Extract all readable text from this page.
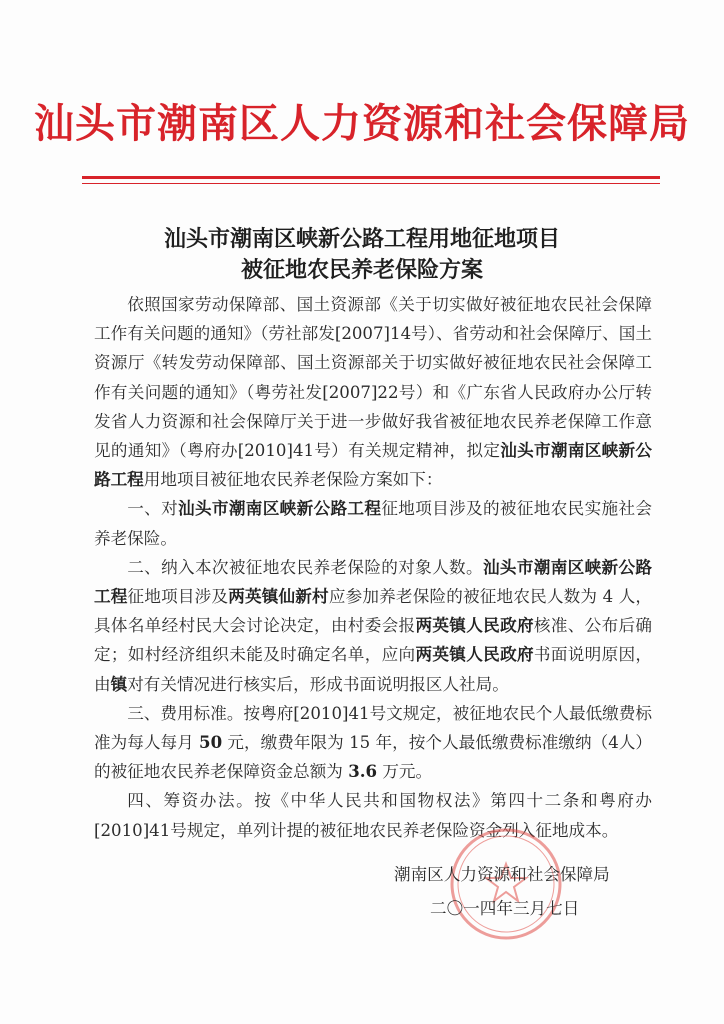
汕头市潮南区人力资源和社会保障局
汕头市潮南区峡新公路工程用地征地项目
被征地农民养老保险方案

依照国家劳动保障部、国土资源部《关于切实做好被征地农民社会保障工作有关问题的通知》（劳社部发[2007]14号）、省劳动和社会保障厅、国土资源厅《转发劳动保障部、国土资源部关于切实做好被征地农民社会保障工作有关问题的通知》（粤劳社发[2007]22号）和《广东省人民政府办公厅转发省人力资源和社会保障厅关于进一步做好我省被征地农民养老保障工作意见的通知》（粤府办[2010]41号）有关规定精神，拟定汕头市潮南区峡新公路工程用地项目被征地农民养老保险方案如下：

一、对汕头市潮南区峡新公路工程征地项目涉及的被征地农民实施社会养老保险。

二、纳入本次被征地农民养老保险的对象人数。汕头市潮南区峡新公路工程征地项目涉及两英镇仙新村应参加养老保险的被征地农民人数为 4 人，具体名单经村民大会讨论决定，由村委会报两英镇人民政府核准、公布后确定；如村经济组织未能及时确定名单，应向两英镇人民政府书面说明原因，由镇对有关情况进行核实后，形成书面说明报区人社局。

三、费用标准。按粤府[2010]41号文规定，被征地农民个人最低缴费标准为每人每月 50 元，缴费年限为 15 年，按个人最低缴费标准缴纳（4人）的被征地农民养老保障资金总额为 3.6 万元。

四、筹资办法。按《中华人民共和国物权法》第四十二条和粤府办[2010]41号规定，单列计提的被征地农民养老保险资金列入征地成本。

潮南区人力资源和社会保障局
二〇一四年三月七日
